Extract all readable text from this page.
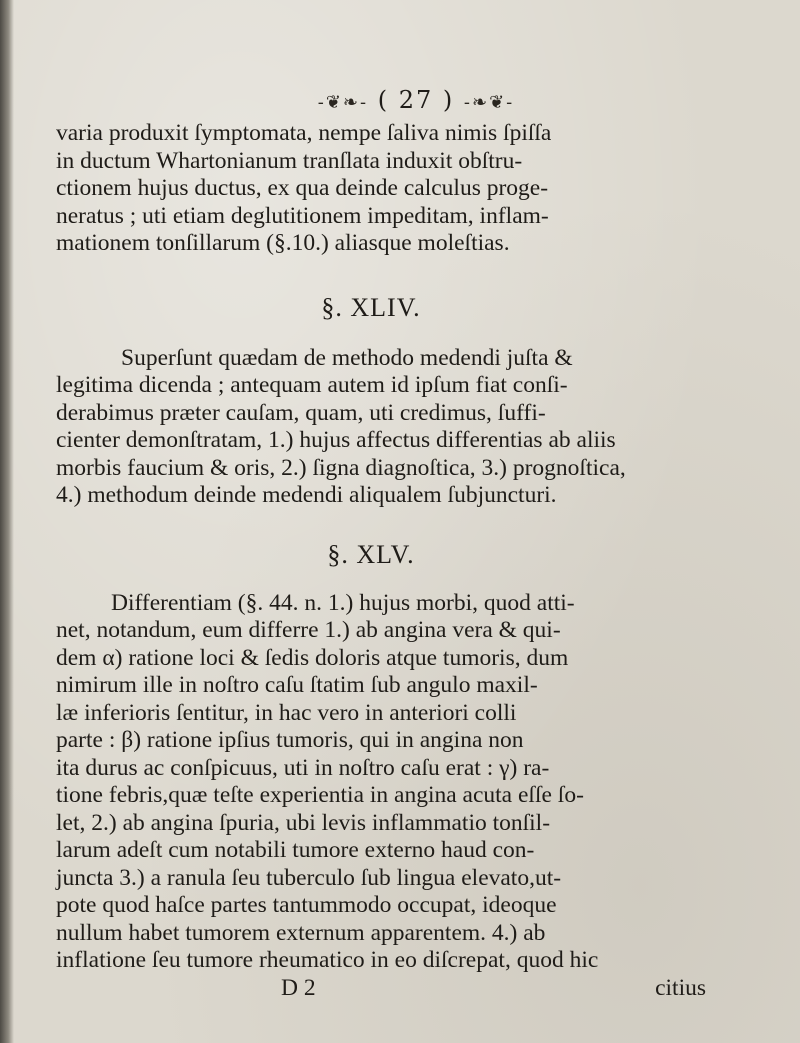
-❦❧- ( 27 ) -❧❦-
varia produxit ſymptomata, nempe ſaliva nimis ſpiſſa
in ductum Whartonianum tranſlata induxit obſtru-
ctionem hujus ductus, ex qua deinde calculus proge-
neratus ; uti etiam deglutitionem impeditam, inflam-
mationem tonſillarum (§.10.) aliasque moleſtias.
§. XLIV.
Superſunt quædam de methodo medendi juſta &
legitima dicenda ; antequam autem id ipſum fiat conſi-
derabimus præter cauſam, quam, uti credimus, ſuffi-
cienter demonſtratam, 1.) hujus affectus differentias ab aliis
morbis faucium & oris, 2.) ſigna diagnoſtica, 3.) prognoſtica,
4.) methodum deinde medendi aliqualem ſubjuncturi.
§. XLV.
Differentiam (§. 44. n. 1.) hujus morbi, quod atti-
net, notandum, eum differre 1.) ab angina vera & qui-
dem α) ratione loci & ſedis doloris atque tumoris, dum
nimirum ille in noſtro caſu ſtatim ſub angulo maxil-
læ inferioris ſentitur, in hac vero in anteriori colli
parte : β) ratione ipſius tumoris, qui in angina non
ita durus ac conſpicuus, uti in noſtro caſu erat : γ) ra-
tione febris,quæ teſte experientia in angina acuta eſſe ſo-
let, 2.) ab angina ſpuria, ubi levis inflammatio tonſil-
larum adeſt cum notabili tumore externo haud con-
juncta 3.) a ranula ſeu tuberculo ſub lingua elevato,ut-
pote quod haſce partes tantummodo occupat, ideoque
nullum habet tumorem externum apparentem. 4.) ab
inflatione ſeu tumore rheumatico in eo diſcrepat, quod hic
D 2	citius
